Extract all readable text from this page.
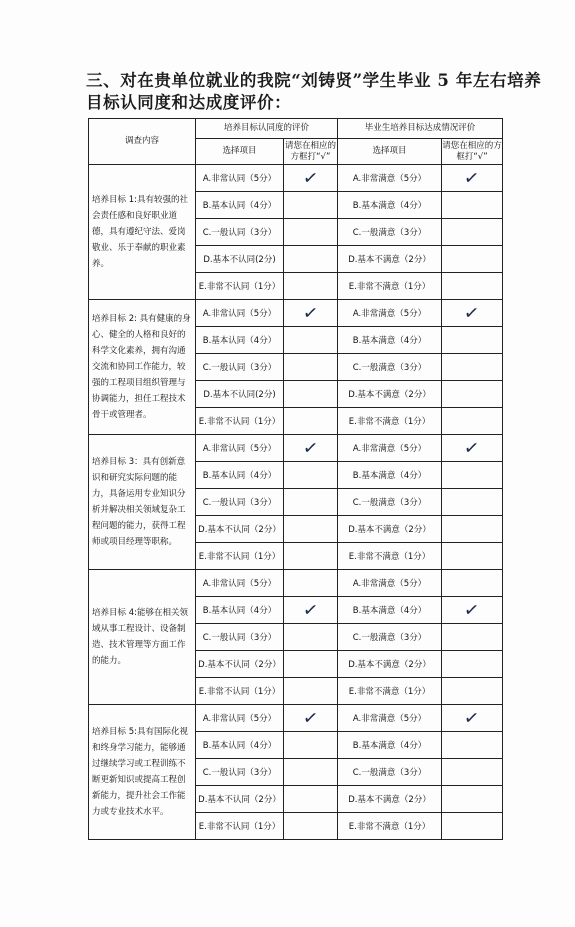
三、对在贵单位就业的我院“刘铸贤”学生毕业 5 年左右培养目标认同度和达成度评价：
调查内容	培养目标认同度的评价		毕业生培养目标达成情况评价	
	选择项目	请您在相应的方框打“√”	选择项目	请您在相应的方框打“√”
培养目标 1:具有较强的社会责任感和良好职业道德，具有遵纪守法、爱岗敬业、乐于奉献的职业素养。	A.非常认同（5分）	✓	A.非常满意（5分）	✓
	B.基本认同（4分）		B.基本满意（4分）	
	C.一般认同（3分）		C.一般满意（3分）	
	D.基本不认同(2分)		D.基本不满意（2分）	
	E.非常不认同（1分）		E.非常不满意（1分）	
培养目标 2: 具有健康的身心、健全的人格和良好的科学文化素养，拥有沟通交流和协同工作能力，较强的工程项目组织管理与协调能力，担任工程技术骨干或管理者。	A.非常认同（5分）	✓	A.非常满意（5分）	✓
	B.基本认同（4分）		B.基本满意（4分）	
	C.一般认同（3分）		C.一般满意（3分）	
	D.基本不认同(2分)		D.基本不满意（2分）	
	E.非常不认同（1分）		E.非常不满意（1分）	
培养目标 3：具有创新意识和研究实际问题的能力，具备运用专业知识分析并解决相关领域复杂工程问题的能力，获得工程师或项目经理等职称。	A.非常认同（5分）	✓	A.非常满意（5分）	✓
	B.基本认同（4分）		B.基本满意（4分）	
	C.一般认同（3分）		C.一般满意（3分）	
	D.基本不认同（2分）		D.基本不满意（2分）	
	E.非常不认同（1分）		E.非常不满意（1分）	
培养目标 4:能够在相关领域从事工程设计、设备制造、技术管理等方面工作的能力。	A.非常认同（5分）		A.非常满意（5分）	
	B.基本认同（4分）	✓	B.基本满意（4分）	✓
	C.一般认同（3分）		C.一般满意（3分）	
	D.基本不认同（2分）		D.基本不满意（2分）	
	E.非常不认同（1分）		E.非常不满意（1分）	
培养目标 5:具有国际化视和终身学习能力，能够通过继续学习或工程训练不断更新知识或提高工程创新能力，提升社会工作能力或专业技术水平。	A.非常认同（5分）	✓	A.非常满意（5分）	✓
	B.基本认同（4分）		B.基本满意（4分）	
	C.一般认同（3分）		C.一般满意（3分）	
	D.基本不认同（2分）		D.基本不满意（2分）	
	E.非常不认同（1分）		E.非常不满意（1分）	
